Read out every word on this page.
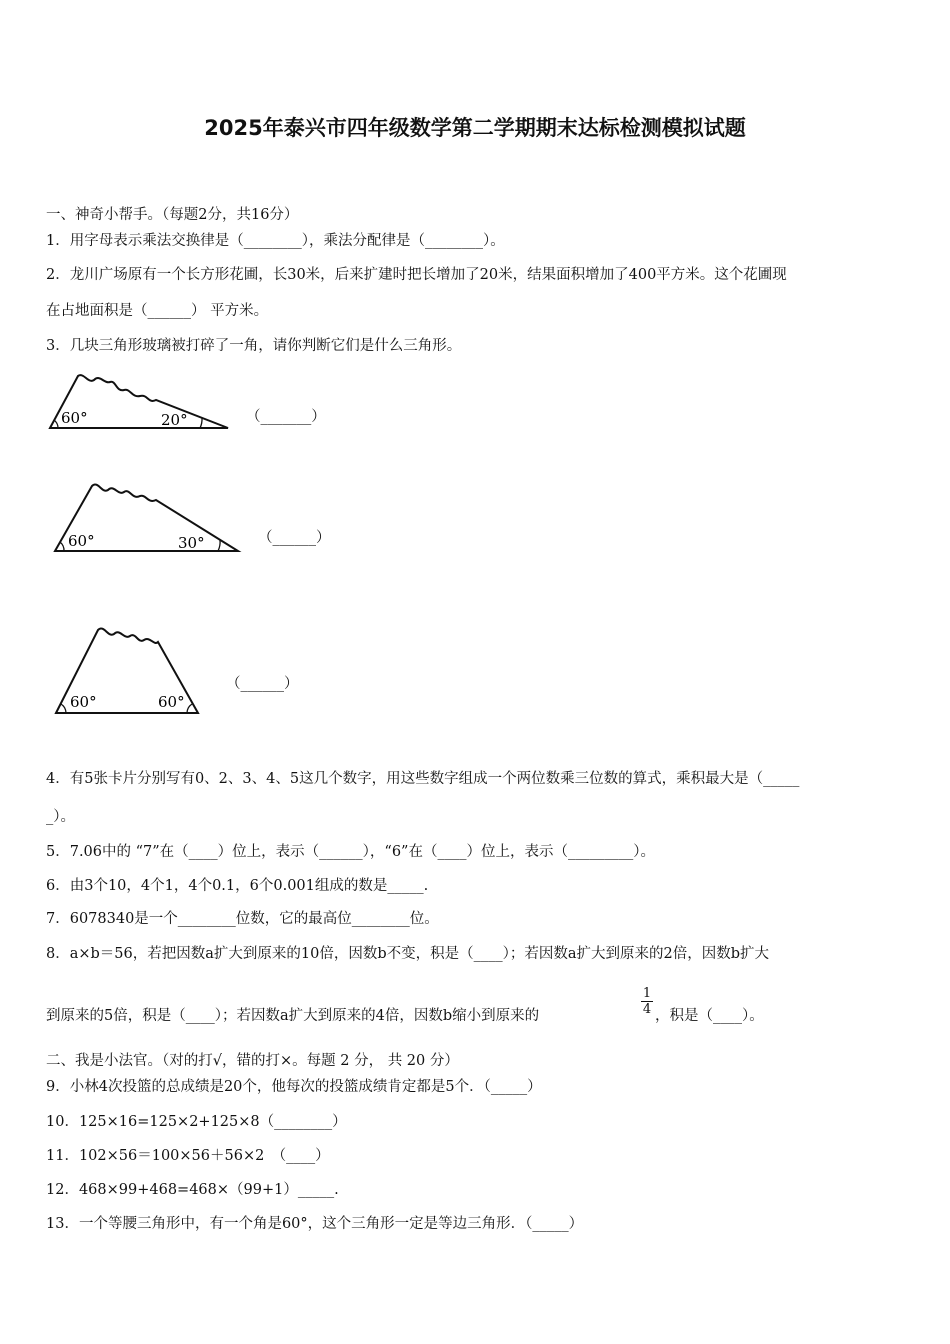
2025年泰兴市四年级数学第二学期期末达标检测模拟试题
一、神奇小帮手。（每题2分，共16分）
1．用字母表示乘法交换律是（________），乘法分配律是（________）。
2．龙川广场原有一个长方形花圃，长30米，后来扩建时把长增加了20米，结果面积增加了400平方米。这个花圃现
在占地面积是（______） 平方米。
3．几块三角形玻璃被打碎了一角，请你判断它们是什么三角形。
60°	20°	（_______）
60°	30°	（______）
60°	60°
（______）
4．有5张卡片分别写有0、2、3、4、5这几个数字，用这些数字组成一个两位数乘三位数的算式，乘积最大是（_____
_）。
5．7.06中的 “7”在（____）位上，表示（______），“6”在（____）位上，表示（_________）。
6．由3个10，4个1，4个0.1，6个0.001组成的数是_____.
7．6078340是一个________位数，它的最高位________位。
8．a×b＝56，若把因数a扩大到原来的10倍，因数b不变，积是（____）；若因数a扩大到原来的2倍，因数b扩大
到原来的5倍，积是（____）；若因数a扩大到原来的4倍，因数b缩小到原来的
1
4 ，积是（____）。
二、我是小法官。（对的打√，错的打×。每题 2 分， 共 20 分）
9．小林4次投篮的总成绩是20个，他每次的投篮成绩肯定都是5个．（_____）
10．125×16=125×2+125×8（________）
11．102×56＝100×56＋56×2　（____）
12．468×99+468=468×（99+1）_____.
13．一个等腰三角形中，有一个角是60°，这个三角形一定是等边三角形．（_____）
